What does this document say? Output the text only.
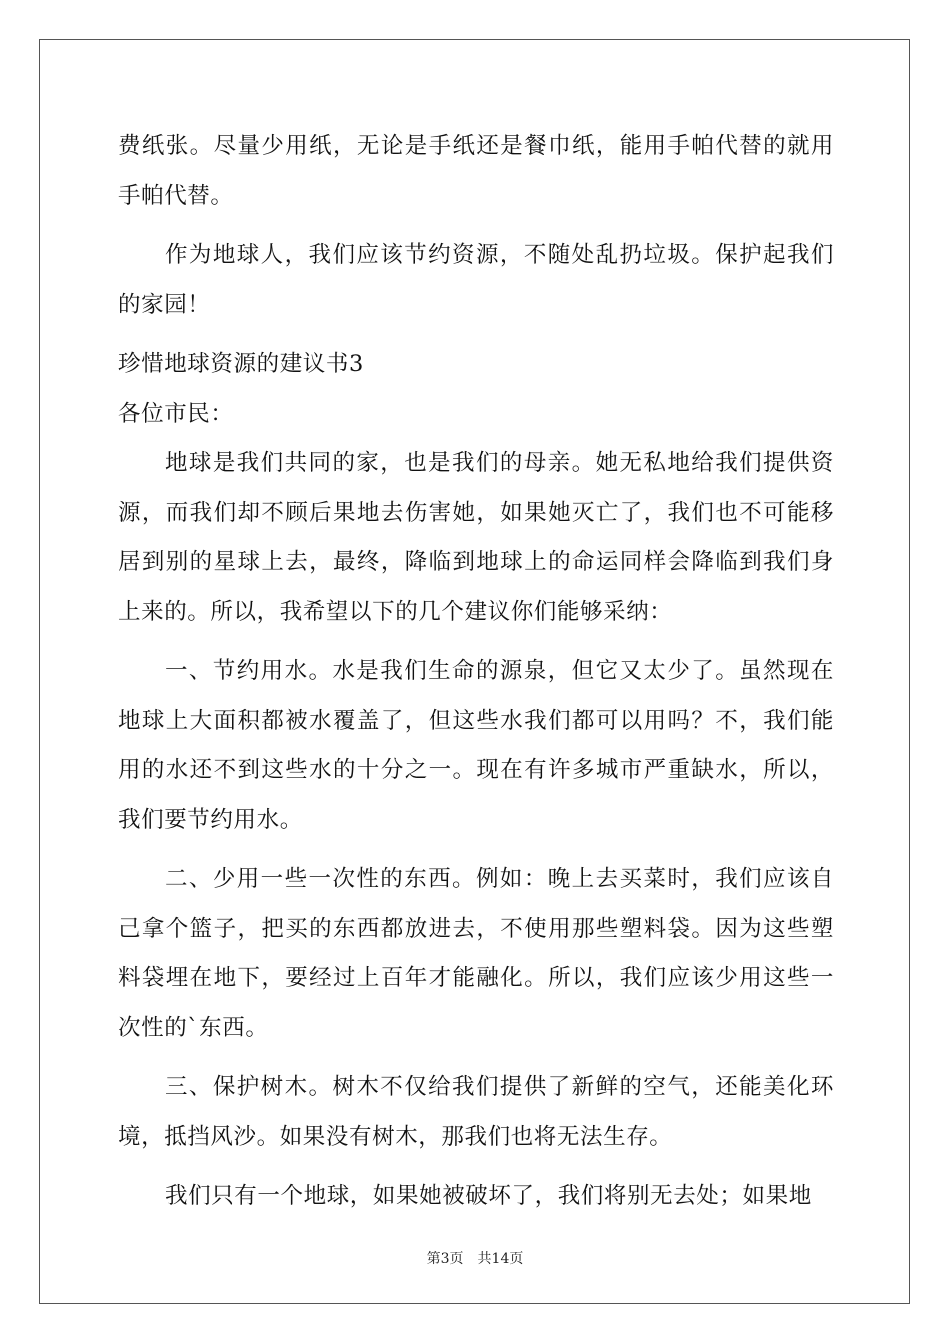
费纸张。尽量少用纸，无论是手纸还是餐巾纸，能用手帕代替的就用手帕代替。

作为地球人，我们应该节约资源，不随处乱扔垃圾。保护起我们的家园！

珍惜地球资源的建议书3

各位市民：

地球是我们共同的家，也是我们的母亲。她无私地给我们提供资源，而我们却不顾后果地去伤害她，如果她灭亡了，我们也不可能移居到别的星球上去，最终，降临到地球上的命运同样会降临到我们身上来的。所以，我希望以下的几个建议你们能够采纳：

一、节约用水。水是我们生命的源泉，但它又太少了。虽然现在地球上大面积都被水覆盖了，但这些水我们都可以用吗？不，我们能用的水还不到这些水的十分之一。现在有许多城市严重缺水，所以，我们要节约用水。

二、少用一些一次性的东西。例如：晚上去买菜时，我们应该自己拿个篮子，把买的东西都放进去，不使用那些塑料袋。因为这些塑料袋埋在地下，要经过上百年才能融化。所以，我们应该少用这些一次性的`东西。

三、保护树木。树木不仅给我们提供了新鲜的空气，还能美化环境，抵挡风沙。如果没有树木，那我们也将无法生存。

我们只有一个地球，如果她被破坏了，我们将别无去处；如果地

第3页　共14页
